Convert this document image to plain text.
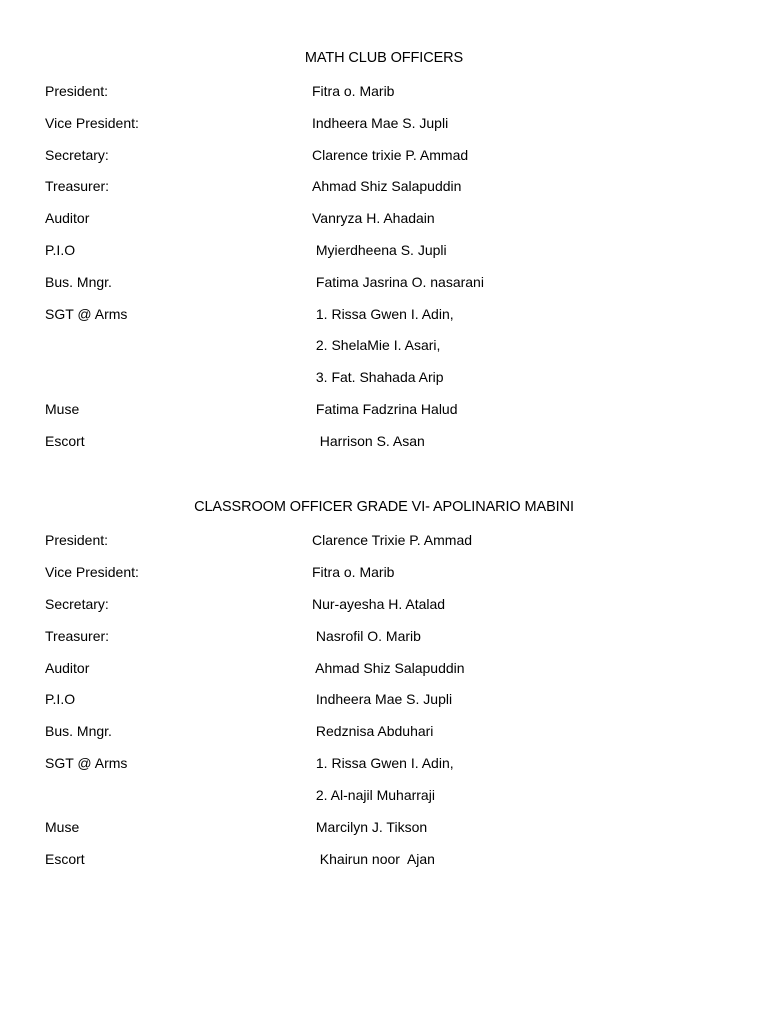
MATH CLUB OFFICERS
President:	Fitra o. Marib
Vice President:	Indheera Mae S. Jupli
Secretary:	Clarence trixie P. Ammad
Treasurer:	Ahmad Shiz Salapuddin
Auditor	Vanryza H. Ahadain
P.I.O	Myierdheena S. Jupli
Bus. Mngr.	Fatima Jasrina O. nasarani
SGT @ Arms	1. Rissa Gwen I. Adin,
2. ShelaMie I. Asari,
3. Fat. Shahada Arip
Muse	Fatima Fadzrina Halud
Escort	Harrison S. Asan
CLASSROOM OFFICER GRADE VI- APOLINARIO MABINI
President:	Clarence Trixie P. Ammad
Vice President:	Fitra o. Marib
Secretary:	Nur-ayesha H. Atalad
Treasurer:	Nasrofil O. Marib
Auditor	Ahmad Shiz Salapuddin
P.I.O	Indheera Mae S. Jupli
Bus. Mngr.	Redznisa Abduhari
SGT @ Arms	1. Rissa Gwen I. Adin,
2. Al-najil Muharraji
Muse	Marcilyn J. Tikson
Escort	Khairun noor  Ajan
